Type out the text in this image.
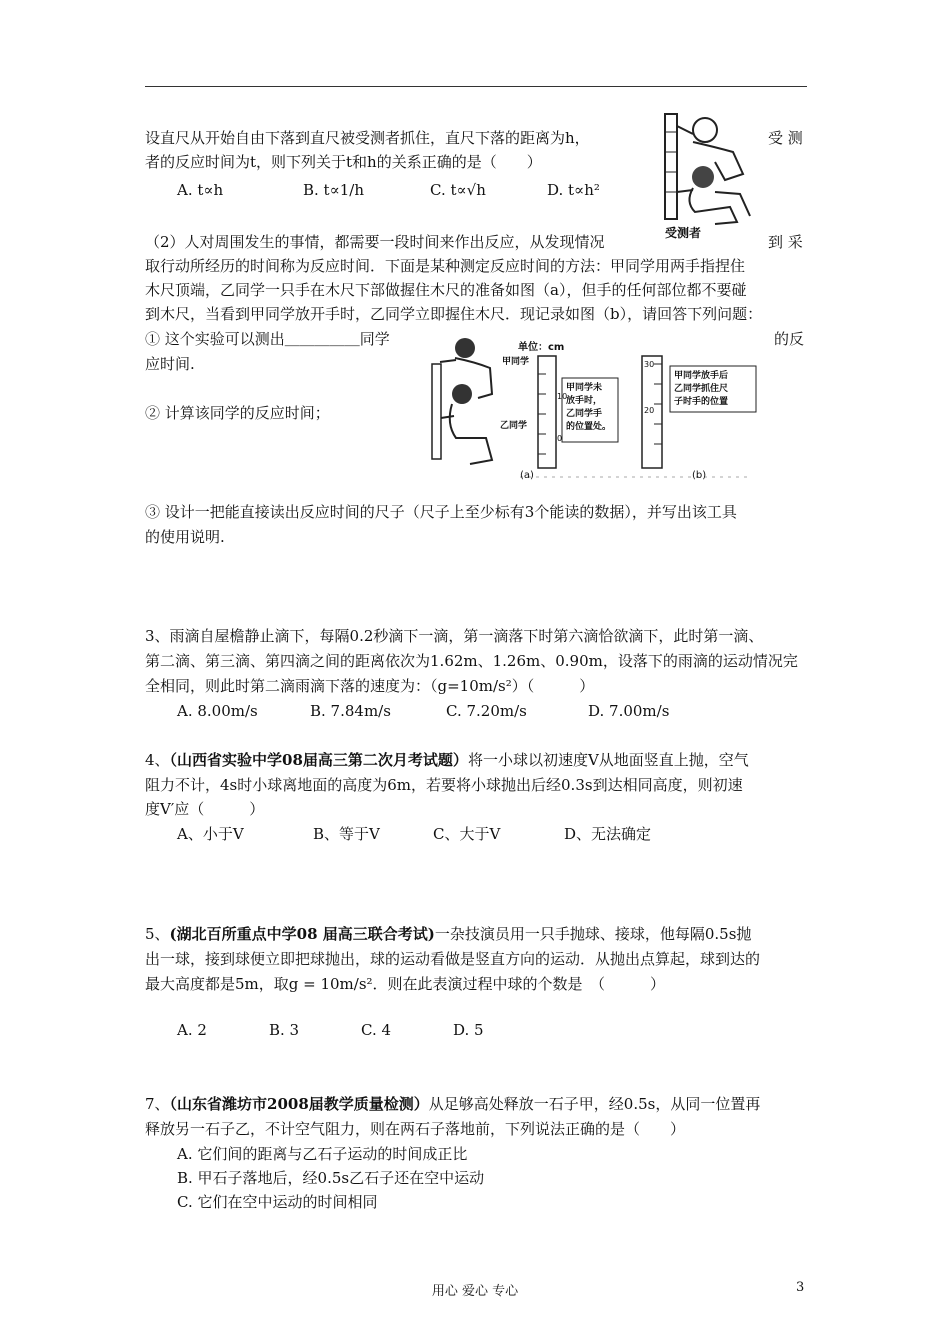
设直尺从开始自由下落到直尺被受测者抓住，直尺下落的距离为h，	受 测
者的反应时间为t，则下列关于t和h的关系正确的是（　　）
A. t∝h	B. t∝1/h	C. t∝√h	D. t∝h²
受测者
（2）人对周围发生的事情，都需要一段时间来作出反应，从发现情况	到 采
取行动所经历的时间称为反应时间．下面是某种测定反应时间的方法：甲同学用两手指捏住
木尺顶端，乙同学一只手在木尺下部做握住木尺的准备如图（a），但手的任何部位都不要碰
到木尺，当看到甲同学放开手时，乙同学立即握住木尺．现记录如图（b），请回答下列问题：
① 这个实验可以测出＿＿＿＿＿同学	的反
应时间.
② 计算该同学的反应时间；
单位：cm
甲同学
乙同学
10
0
甲同学未
放手时，
乙同学手
的位置处。
30
20
甲同学放手后
乙同学抓住尺
子时手的位置
(a)	(b)
③ 设计一把能直接读出反应时间的尺子（尺子上至少标有3个能读的数据），并写出该工具
的使用说明.
3、雨滴自屋檐静止滴下，每隔0.2秒滴下一滴，第一滴落下时第六滴恰欲滴下，此时第一滴、
第二滴、第三滴、第四滴之间的距离依次为1.62m、1.26m、0.90m，设落下的雨滴的运动情况完
全相同，则此时第二滴雨滴下落的速度为：（g=10m/s²）（　　　）
A. 8.00m/s	B. 7.84m/s	C. 7.20m/s	D. 7.00m/s
4、（山西省实验中学08届高三第二次月考试题）将一小球以初速度V从地面竖直上抛，空气
阻力不计，4s时小球离地面的高度为6m，若要将小球抛出后经0.3s到达相同高度，则初速
度V′应（　　　）
A、小于V	B、等于V	C、大于V	D、无法确定
5、(湖北百所重点中学08 届高三联合考试)一杂技演员用一只手抛球、接球，他每隔0.5s抛
出一球，接到球便立即把球抛出，球的运动看做是竖直方向的运动．从抛出点算起，球到达的
最大高度都是5m，取g = 10m/s²．则在此表演过程中球的个数是　（　　　）
A. 2	B. 3	C. 4	D. 5
7、（山东省潍坊市2008届教学质量检测）从足够高处释放一石子甲，经0.5s，从同一位置再
释放另一石子乙，不计空气阻力，则在两石子落地前，下列说法正确的是（　　）
A. 它们间的距离与乙石子运动的时间成正比
B. 甲石子落地后，经0.5s乙石子还在空中运动
C. 它们在空中运动的时间相同
用心 爱心 专心	3
